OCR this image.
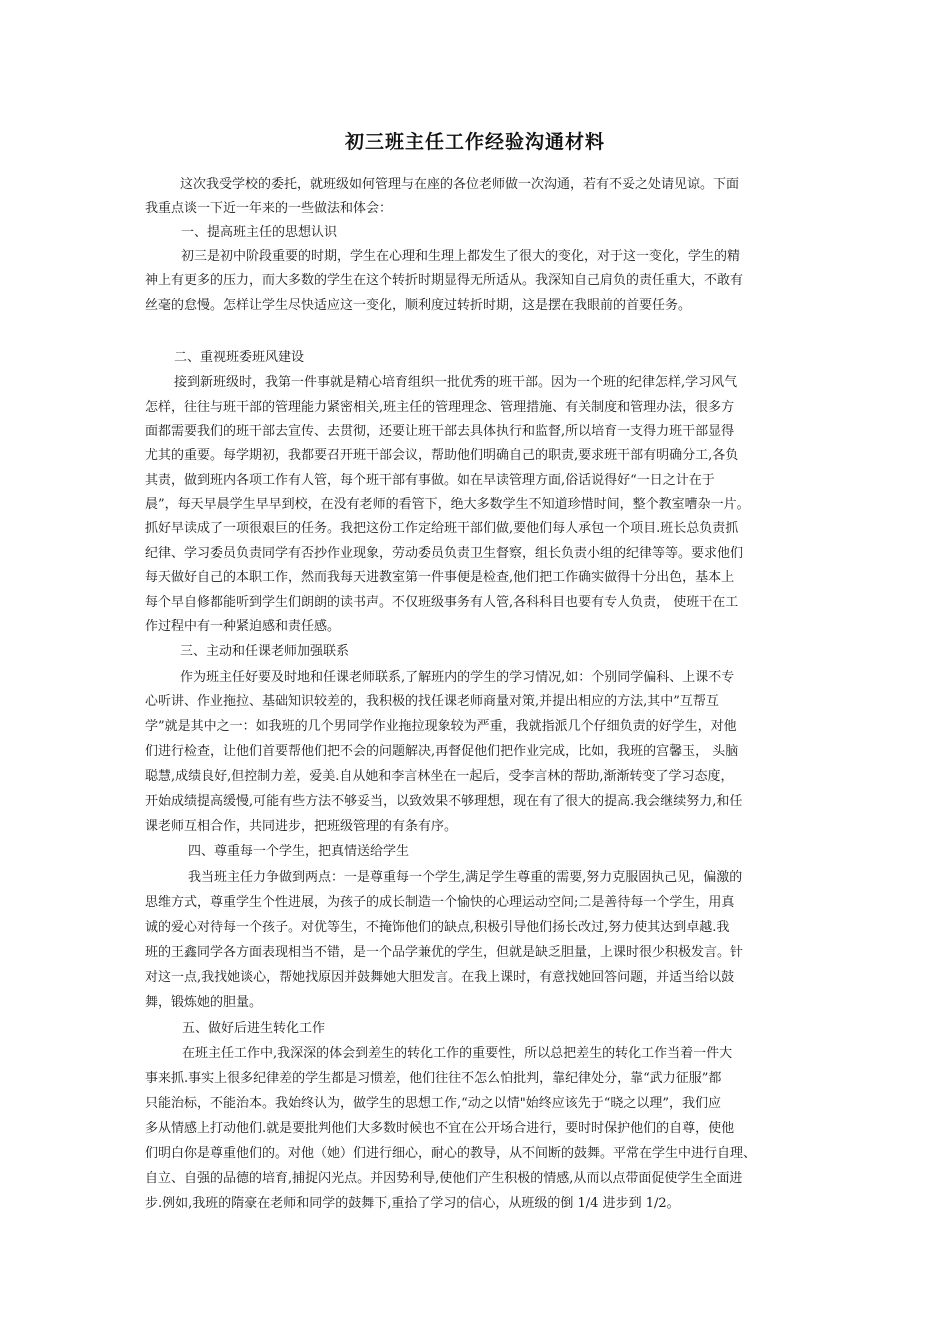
初三班主任工作经验沟通材料

这次我受学校的委托，就班级如何管理与在座的各位老师做一次沟通，若有不妥之处请见谅。下面

我重点谈一下近一年来的一些做法和体会：

一、提高班主任的思想认识

初三是初中阶段重要的时期，学生在心理和生理上都发生了很大的变化，对于这一变化，学生的精

神上有更多的压力，而大多数的学生在这个转折时期显得无所适从。我深知自己肩负的责任重大，不敢有

丝毫的怠慢。怎样让学生尽快适应这一变化，顺利度过转折时期，这是摆在我眼前的首要任务。

二、重视班委班风建设

接到新班级时，我第一件事就是精心培育组织一批优秀的班干部。因为一个班的纪律怎样,学习风气

怎样，往往与班干部的管理能力紧密相关,班主任的管理理念、管理措施、有关制度和管理办法，很多方

面都需要我们的班干部去宣传、去贯彻，还要让班干部去具体执行和监督,所以培育一支得力班干部显得

尤其的重要。每学期初，我都要召开班干部会议，帮助他们明确自己的职责,要求班干部有明确分工,各负

其责，做到班内各项工作有人管，每个班干部有事做。如在早读管理方面,俗话说得好“一日之计在于

晨”，每天早晨学生早早到校，在没有老师的看管下，绝大多数学生不知道珍惜时间，整个教室嘈杂一片。

抓好早读成了一项很艰巨的任务。我把这份工作定给班干部们做,要他们每人承包一个项目.班长总负责抓

纪律、学习委员负责同学有否抄作业现象，劳动委员负责卫生督察，组长负责小组的纪律等等。要求他们

每天做好自己的本职工作，然而我每天进教室第一件事便是检查,他们把工作确实做得十分出色，基本上

每个早自修都能听到学生们朗朗的读书声。不仅班级事务有人管,各科科目也要有专人负责， 使班干在工

作过程中有一种紧迫感和责任感。

三、主动和任课老师加强联系

作为班主任好要及时地和任课老师联系,了解班内的学生的学习情况,如：个别同学偏科、上课不专

心听讲、作业拖拉、基础知识较差的，我积极的找任课老师商量对策,并提出相应的方法,其中”互帮互

学”就是其中之一：如我班的几个男同学作业拖拉现象较为严重，我就指派几个仔细负责的好学生，对他

们进行检查，让他们首要帮他们把不会的问题解决,再督促他们把作业完成，比如，我班的宫馨玉， 头脑

聪慧,成绩良好,但控制力差，爱美.自从她和李言林坐在一起后，受李言林的帮助,渐渐转变了学习态度，

开始成绩提高缓慢,可能有些方法不够妥当，以致效果不够理想，现在有了很大的提高.我会继续努力,和任

课老师互相合作，共同进步，把班级管理的有条有序。

四、尊重每一个学生，把真情送给学生

我当班主任力争做到两点：一是尊重每一个学生,满足学生尊重的需要,努力克服固执己见，偏激的

思维方式，尊重学生个性进展，为孩子的成长制造一个愉快的心理运动空间;二是善待每一个学生，用真

诚的爱心对待每一个孩子。对优等生，不掩饰他们的缺点,积极引导他们扬长改过,努力使其达到卓越.我

班的王鑫同学各方面表现相当不错，是一个品学兼优的学生，但就是缺乏胆量，上课时很少积极发言。针

对这一点,我找她谈心，帮她找原因并鼓舞她大胆发言。在我上课时，有意找她回答问题，并适当给以鼓

舞，锻炼她的胆量。

五、做好后进生转化工作

在班主任工作中,我深深的体会到差生的转化工作的重要性，所以总把差生的转化工作当着一件大

事来抓.事实上很多纪律差的学生都是习惯差，他们往往不怎么怕批判，靠纪律处分，靠“武力征服”都

只能治标，不能治本。我始终认为，做学生的思想工作,“动之以情"始终应该先于“晓之以理”，我们应

多从情感上打动他们.就是要批判他们大多数时候也不宜在公开场合进行，要时时保护他们的自尊，使他

们明白你是尊重他们的。对他（她）们进行细心，耐心的教导，从不间断的鼓舞。平常在学生中进行自理、

自立、自强的品德的培育,捕捉闪光点。并因势利导,使他们产生积极的情感,从而以点带面促使学生全面进

步.例如,我班的隋豪在老师和同学的鼓舞下,重拾了学习的信心，从班级的倒 1/4 进步到 1/2。
